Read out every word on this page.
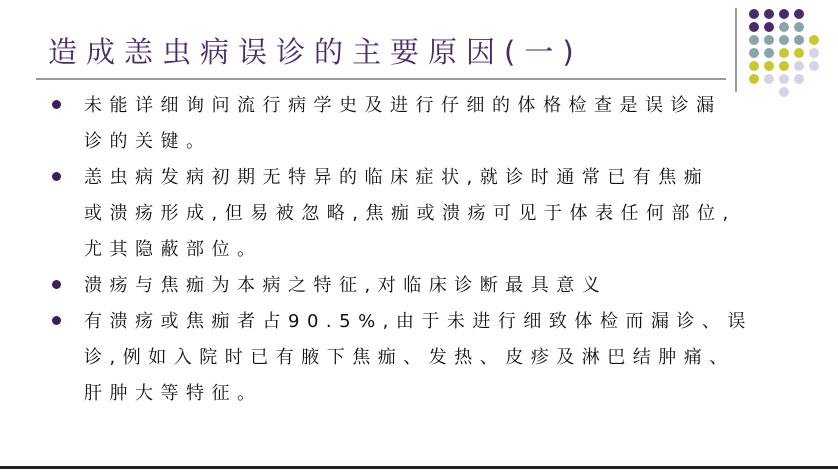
造成恙虫病误诊的主要原因(一)
未能详细询问流行病学史及进行仔细的体格检查是误诊漏
诊的关键。
恙虫病发病初期无特异的临床症状,就诊时通常已有焦痂
或溃疡形成,但易被忽略,焦痂或溃疡可见于体表任何部位,
尤其隐蔽部位。
溃疡与焦痂为本病之特征,对临床诊断最具意义
有溃疡或焦痂者占90.5%,由于未进行细致体检而漏诊、误
诊,例如入院时已有腋下焦痂、发热、皮疹及淋巴结肿痛、
肝肿大等特征。
